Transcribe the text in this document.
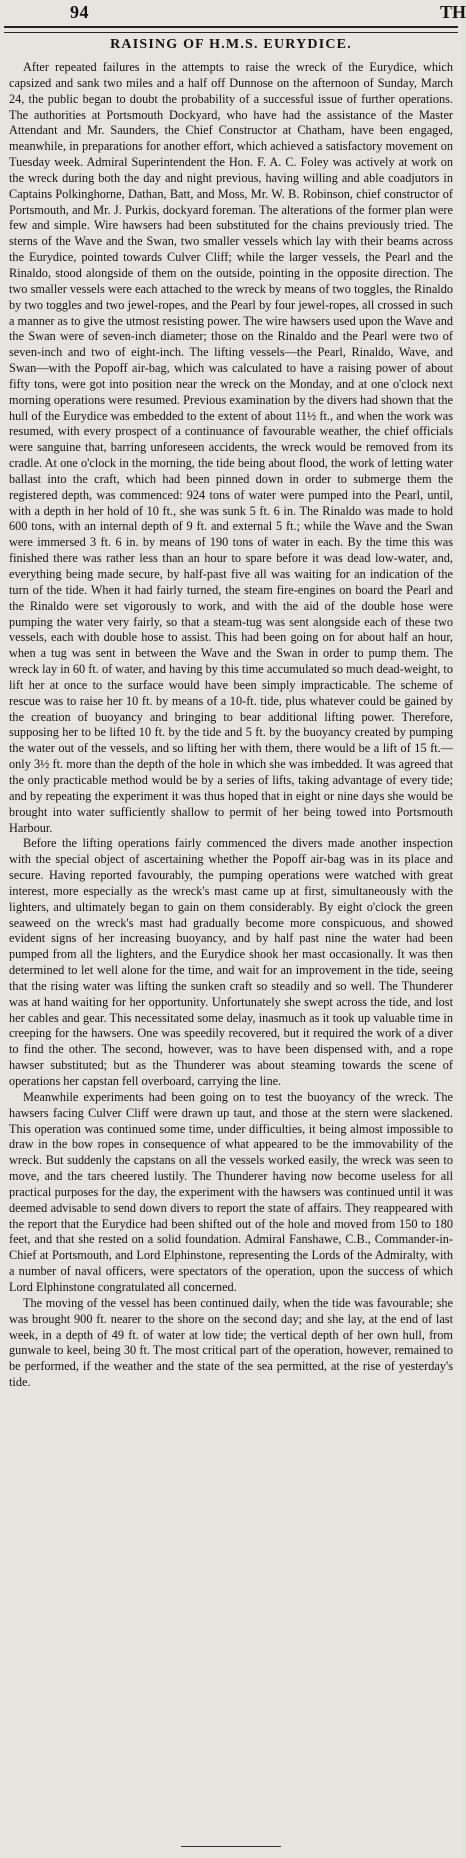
94	TH
RAISING OF H.M.S. EURYDICE.

After repeated failures in the attempts to raise the wreck of the Eurydice, which capsized and sank two miles and a half off Dunnose on the afternoon of Sunday, March 24, the public began to doubt the probability of a successful issue of further operations. The authorities at Portsmouth Dockyard, who have had the assistance of the Master Attendant and Mr. Saunders, the Chief Constructor at Chatham, have been engaged, meanwhile, in preparations for another effort, which achieved a satisfactory movement on Tuesday week. Admiral Superintendent the Hon. F. A. C. Foley was actively at work on the wreck during both the day and night previous, having willing and able coadjutors in Captains Polkinghorne, Dathan, Batt, and Moss, Mr. W. B. Robinson, chief constructor of Portsmouth, and Mr. J. Purkis, dockyard foreman. The alterations of the former plan were few and simple. Wire hawsers had been substituted for the chains previously tried. The sterns of the Wave and the Swan, two smaller vessels which lay with their beams across the Eurydice, pointed towards Culver Cliff; while the larger vessels, the Pearl and the Rinaldo, stood alongside of them on the outside, pointing in the opposite direction. The two smaller vessels were each attached to the wreck by means of two toggles, the Rinaldo by two toggles and two jewel-ropes, and the Pearl by four jewel-ropes, all crossed in such a manner as to give the utmost resisting power. The wire hawsers used upon the Wave and the Swan were of seven-inch diameter; those on the Rinaldo and the Pearl were two of seven-inch and two of eight-inch. The lifting vessels—the Pearl, Rinaldo, Wave, and Swan—with the Popoff air-bag, which was calculated to have a raising power of about fifty tons, were got into position near the wreck on the Monday, and at one o'clock next morning operations were resumed. Previous examination by the divers had shown that the hull of the Eurydice was embedded to the extent of about 11½ ft., and when the work was resumed, with every prospect of a continuance of favourable weather, the chief officials were sanguine that, barring unforeseen accidents, the wreck would be removed from its cradle. At one o'clock in the morning, the tide being about flood, the work of letting water ballast into the craft, which had been pinned down in order to submerge them the registered depth, was commenced: 924 tons of water were pumped into the Pearl, until, with a depth in her hold of 10 ft., she was sunk 5 ft. 6 in. The Rinaldo was made to hold 600 tons, with an internal depth of 9 ft. and external 5 ft.; while the Wave and the Swan were immersed 3 ft. 6 in. by means of 190 tons of water in each. By the time this was finished there was rather less than an hour to spare before it was dead low-water, and, everything being made secure, by half-past five all was waiting for an indication of the turn of the tide. When it had fairly turned, the steam fire-engines on board the Pearl and the Rinaldo were set vigorously to work, and with the aid of the double hose were pumping the water very fairly, so that a steam-tug was sent alongside each of these two vessels, each with double hose to assist. This had been going on for about half an hour, when a tug was sent in between the Wave and the Swan in order to pump them. The wreck lay in 60 ft. of water, and having by this time accumulated so much dead-weight, to lift her at once to the surface would have been simply impracticable. The scheme of rescue was to raise her 10 ft. by means of a 10-ft. tide, plus whatever could be gained by the creation of buoyancy and bringing to bear additional lifting power. Therefore, supposing her to be lifted 10 ft. by the tide and 5 ft. by the buoyancy created by pumping the water out of the vessels, and so lifting her with them, there would be a lift of 15 ft.—only 3½ ft. more than the depth of the hole in which she was imbedded. It was agreed that the only practicable method would be by a series of lifts, taking advantage of every tide; and by repeating the experiment it was thus hoped that in eight or nine days she would be brought into water sufficiently shallow to permit of her being towed into Portsmouth Harbour.

Before the lifting operations fairly commenced the divers made another inspection with the special object of ascertaining whether the Popoff air-bag was in its place and secure. Having reported favourably, the pumping operations were watched with great interest, more especially as the wreck's mast came up at first, simultaneously with the lighters, and ultimately began to gain on them considerably. By eight o'clock the green seaweed on the wreck's mast had gradually become more conspicuous, and showed evident signs of her increasing buoyancy, and by half past nine the water had been pumped from all the lighters, and the Eurydice shook her mast occasionally. It was then determined to let well alone for the time, and wait for an improvement in the tide, seeing that the rising water was lifting the sunken craft so steadily and so well. The Thunderer was at hand waiting for her opportunity. Unfortunately she swept across the tide, and lost her cables and gear. This necessitated some delay, inasmuch as it took up valuable time in creeping for the hawsers. One was speedily recovered, but it required the work of a diver to find the other. The second, however, was to have been dispensed with, and a rope hawser substituted; but as the Thunderer was about steaming towards the scene of operations her capstan fell overboard, carrying the line.

Meanwhile experiments had been going on to test the buoyancy of the wreck. The hawsers facing Culver Cliff were drawn up taut, and those at the stern were slackened. This operation was continued some time, under difficulties, it being almost impossible to draw in the bow ropes in consequence of what appeared to be the immovability of the wreck. But suddenly the capstans on all the vessels worked easily, the wreck was seen to move, and the tars cheered lustily. The Thunderer having now become useless for all practical purposes for the day, the experiment with the hawsers was continued until it was deemed advisable to send down divers to report the state of affairs. They reappeared with the report that the Eurydice had been shifted out of the hole and moved from 150 to 180 feet, and that she rested on a solid foundation. Admiral Fanshawe, C.B., Commander-in-Chief at Portsmouth, and Lord Elphinstone, representing the Lords of the Admiralty, with a number of naval officers, were spectators of the operation, upon the success of which Lord Elphinstone congratulated all concerned.

The moving of the vessel has been continued daily, when the tide was favourable; she was brought 900 ft. nearer to the shore on the second day; and she lay, at the end of last week, in a depth of 49 ft. of water at low tide; the vertical depth of her own hull, from gunwale to keel, being 30 ft. The most critical part of the operation, however, remained to be performed, if the weather and the state of the sea permitted, at the rise of yesterday's tide.
